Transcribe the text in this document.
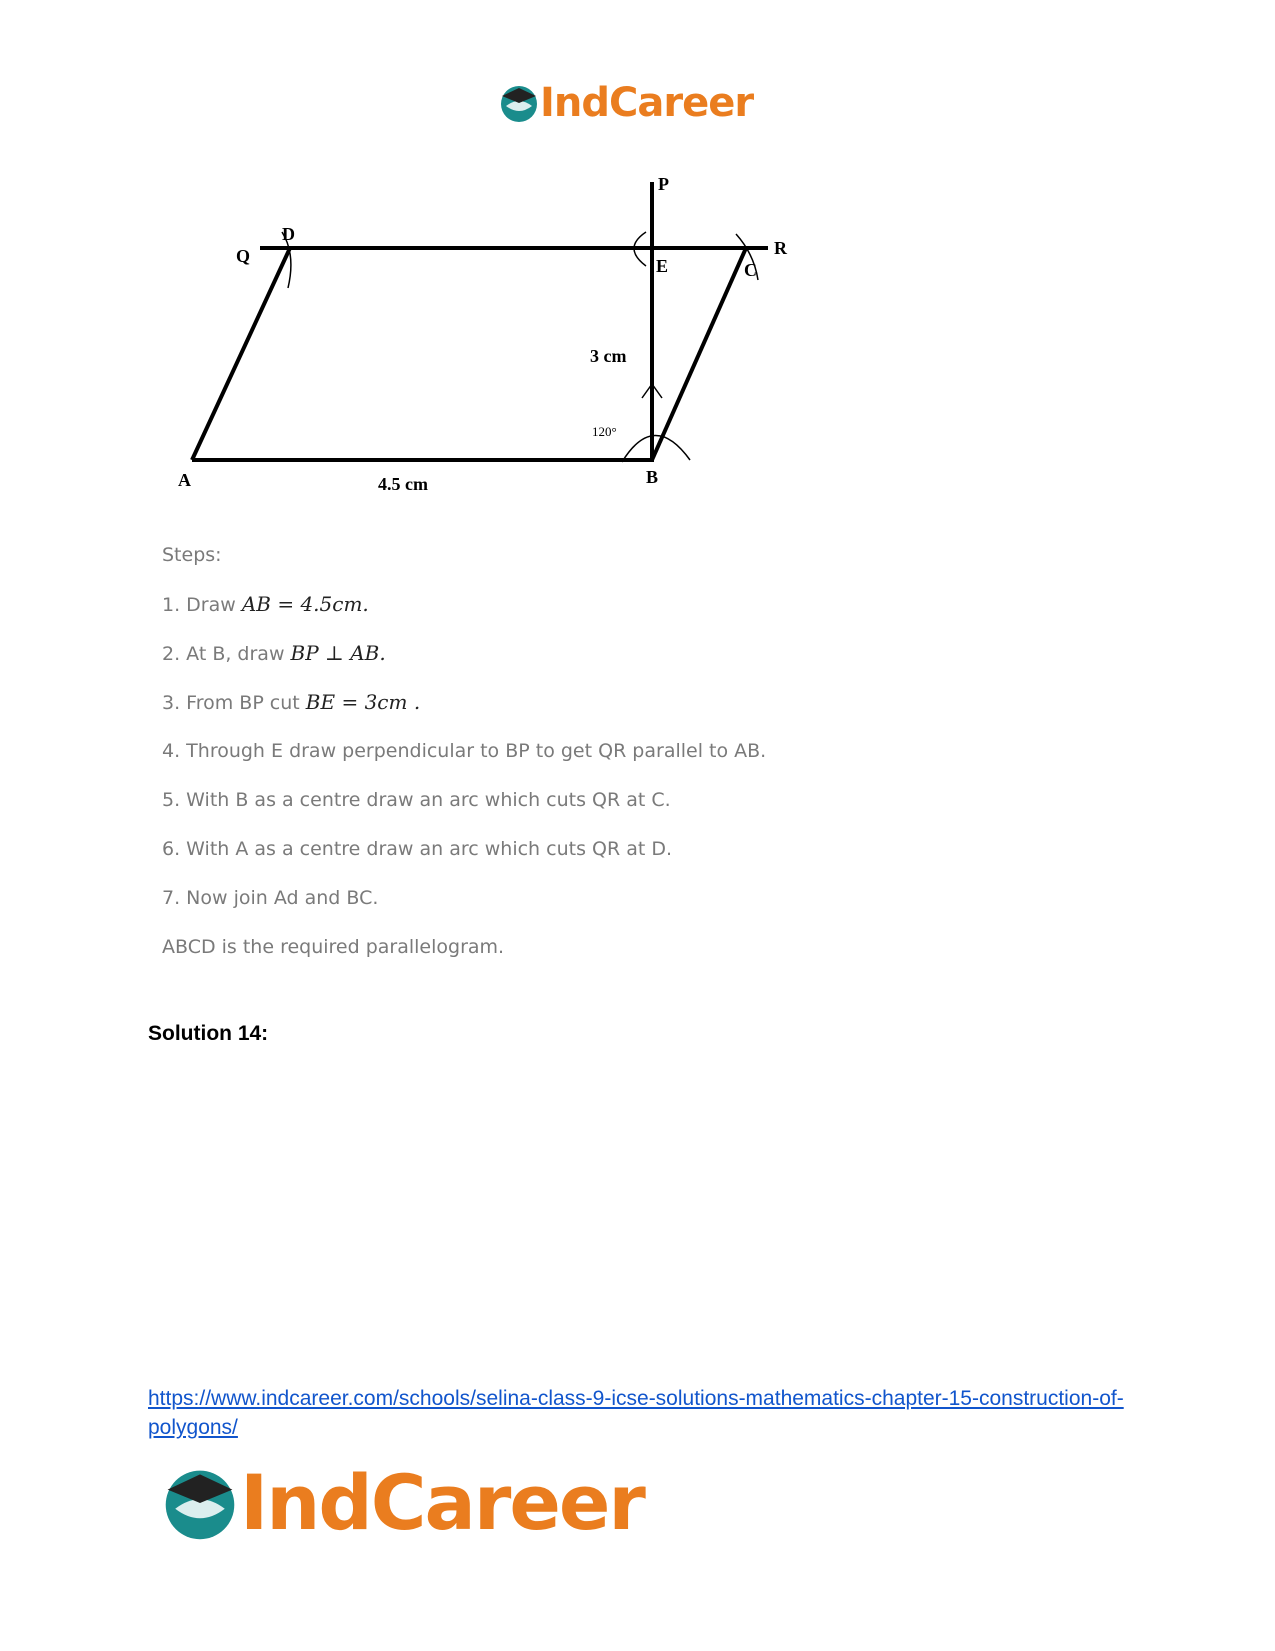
IndCareer
P
Q
D
E
R
C
A	B
3 cm
120°
4.5 cm

Steps:

1. Draw AB = 4.5cm.

2. At B, draw BP ⊥ AB.

3. From BP cut BE = 3cm .

4. Through E draw perpendicular to BP to get QR parallel to AB.

5. With B as a centre draw an arc which cuts QR at C.

6. With A as a centre draw an arc which cuts QR at D.

7. Now join Ad and BC.

ABCD is the required parallelogram.

Solution 14:
https://www.indcareer.com/schools/selina-class-9-icse-solutions-mathematics-chapter-15-construction-of-polygons/
IndCareer
